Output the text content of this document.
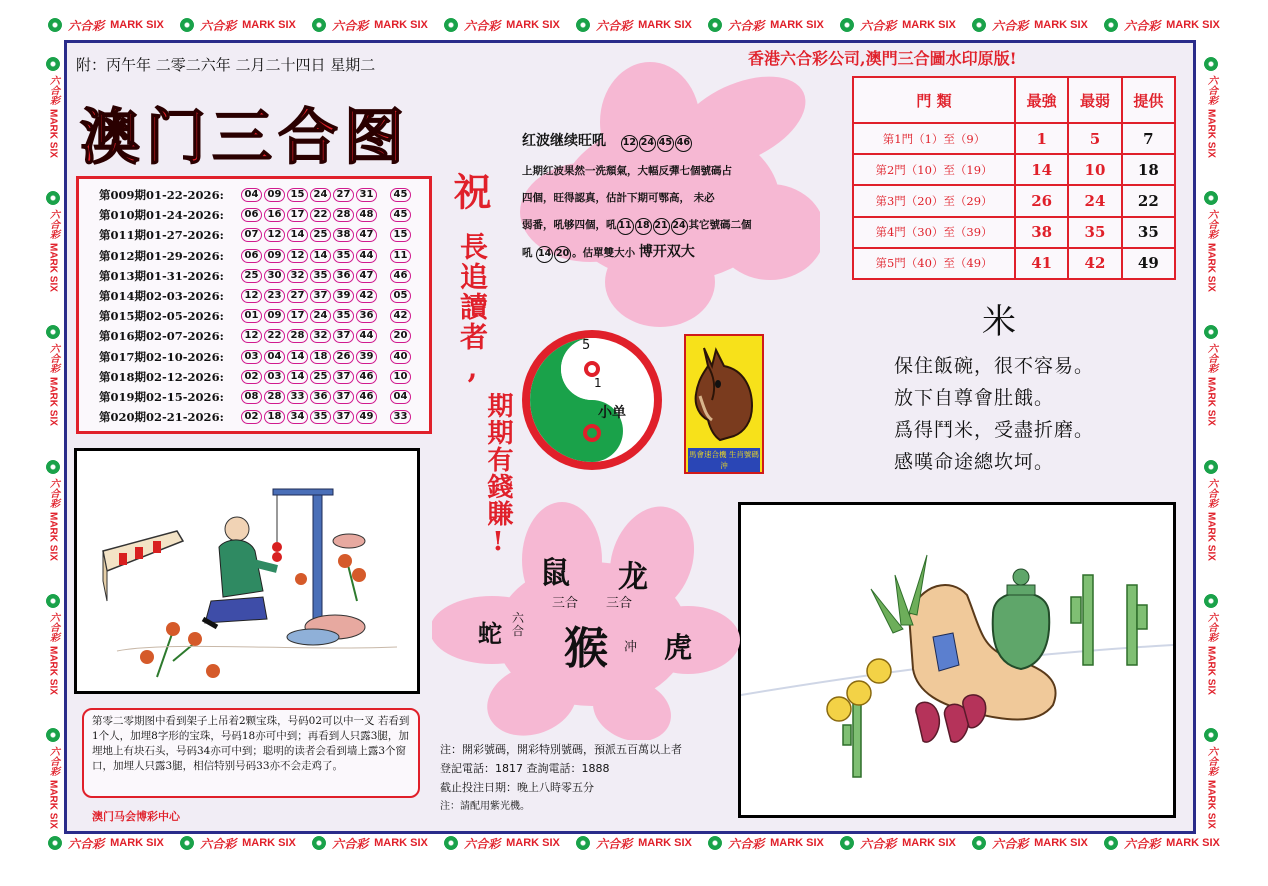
六合彩 MARK SIX	六合彩 MARK SIX	六合彩 MARK SIX	六合彩 MARK SIX	六合彩 MARK SIX	六合彩 MARK SIX	六合彩 MARK SIX	六合彩 MARK SIX	六合彩 MARK SIX
六合彩 MARK SIX	六合彩 MARK SIX	六合彩 MARK SIX	六合彩 MARK SIX	六合彩 MARK SIX	六合彩 MARK SIX	六合彩 MARK SIX	六合彩 MARK SIX	六合彩 MARK SIX
六合彩
MARK SIX
六合彩
MARK SIX
六合彩
MARK SIX
六合彩
MARK SIX
六合彩
MARK SIX
六合彩
MARK SIX
六合彩
MARK SIX
六合彩
MARK SIX
六合彩
MARK SIX
六合彩
MARK SIX
六合彩
MARK SIX
六合彩
MARK SIX
附：丙午年 二零二六年 二月二十四日 星期二
澳门三合图
第009期01-22-2026:	04 09 15 24 27 31	45
第010期01-24-2026:	06 16 17 22 28 48	45
第011期01-27-2026:	07 12 14 25 38 47	15
第012期01-29-2026:	06 09 12 14 35 44	11
第013期01-31-2026:	25 30 32 35 36 47	46
第014期02-03-2026:	12 23 27 37 39 42	05
第015期02-05-2026:	01 09 17 24 35 36	42
第016期02-07-2026:	12 22 28 32 37 44	20
第017期02-10-2026:	03 04 14 18 26 39	40
第018期02-12-2026:	02 03 14 25 37 46	10
第019期02-15-2026:	08 28 33 36 37 46	04
第020期02-21-2026:	02 18 34 35 37 49	33
祝
長追讀者,
期期有錢賺!
红波继续旺吼 12 24 45 46
上期红波果然一洗頹氣，大幅反彈七個號碼占
四個，旺得認真，估計下期可鄂高， 未必
弱番，吼够四個，吼 11 18 21 24 其它號碼二個
吼 14 20 。估單雙大小 博开双大
5
1
小单
馬會速合機 生肖號碼沖
香港六合彩公司,澳門三合圖水印原版!
門 類	最強	最弱	提供
第1門（1）至（9）	1	5	7
第2門（10）至（19）	14	10	18
第3門（20）至（29）	26	24	22
第4門（30）至（39）	38	35	35
第5門（40）至（49）	41	42	49
米
保住飯碗，很不容易。
放下自尊會肚餓。
爲得鬥米，受盡折磨。
感嘆命途總坎坷。
鼠 龙
三合 三合
蛇
六合 猴 冲 虎
第零二零期图中看到架子上吊着2颗宝珠，号码02可以中一叉 若看到1个人，加埋8字形的宝珠，号码18亦可中到；再看到人只露3腿，加埋地上有块石头，号码34亦可中到；聪明的读者会看到墙上露3个窗口，加埋人只露3腿，相信特别号码33亦不会走鸡了。
澳门马会博彩中心
注：開彩號碼，開彩特別號碼，預派五百萬以上者
登記電話：1817 查詢電話：1888
截止投注日期：晚上八時零五分
注：請配用紫光機。
